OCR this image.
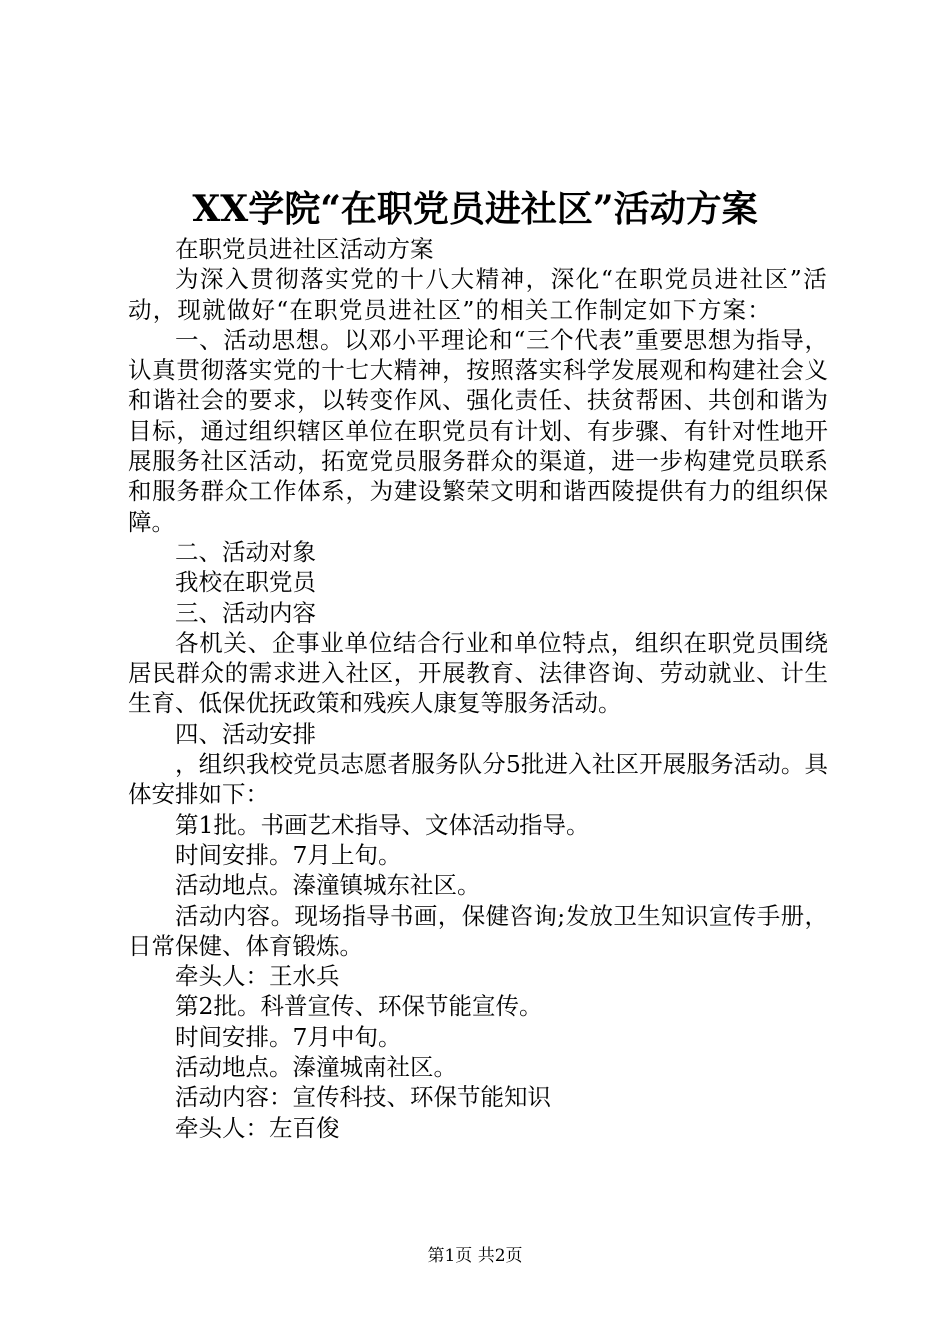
XX学院“在职党员进社区”活动方案

在职党员进社区活动方案

为深入贯彻落实党的十八大精神，深化“在职党员进社区”活动，现就做好“在职党员进社区”的相关工作制定如下方案：

一、活动思想。以邓小平理论和“三个代表”重要思想为指导，认真贯彻落实党的十七大精神，按照落实科学发展观和构建社会义和谐社会的要求，以转变作风、强化责任、扶贫帮困、共创和谐为目标，通过组织辖区单位在职党员有计划、有步骤、有针对性地开展服务社区活动，拓宽党员服务群众的渠道，进一步构建党员联系和服务群众工作体系，为建设繁荣文明和谐西陵提供有力的组织保障。

二、活动对象

我校在职党员

三、活动内容

各机关、企事业单位结合行业和单位特点，组织在职党员围绕居民群众的需求进入社区，开展教育、法律咨询、劳动就业、计生生育、低保优抚政策和残疾人康复等服务活动。

四、活动安排

，组织我校党员志愿者服务队分5批进入社区开展服务活动。具体安排如下：

第1批。书画艺术指导、文体活动指导。

时间安排。7月上旬。

活动地点。溱潼镇城东社区。

活动内容。现场指导书画，保健咨询;发放卫生知识宣传手册，日常保健、体育锻炼。

牵头人：王水兵

第2批。科普宣传、环保节能宣传。

时间安排。7月中旬。

活动地点。溱潼城南社区。

活动内容：宣传科技、环保节能知识

牵头人：左百俊

第1页 共2页
